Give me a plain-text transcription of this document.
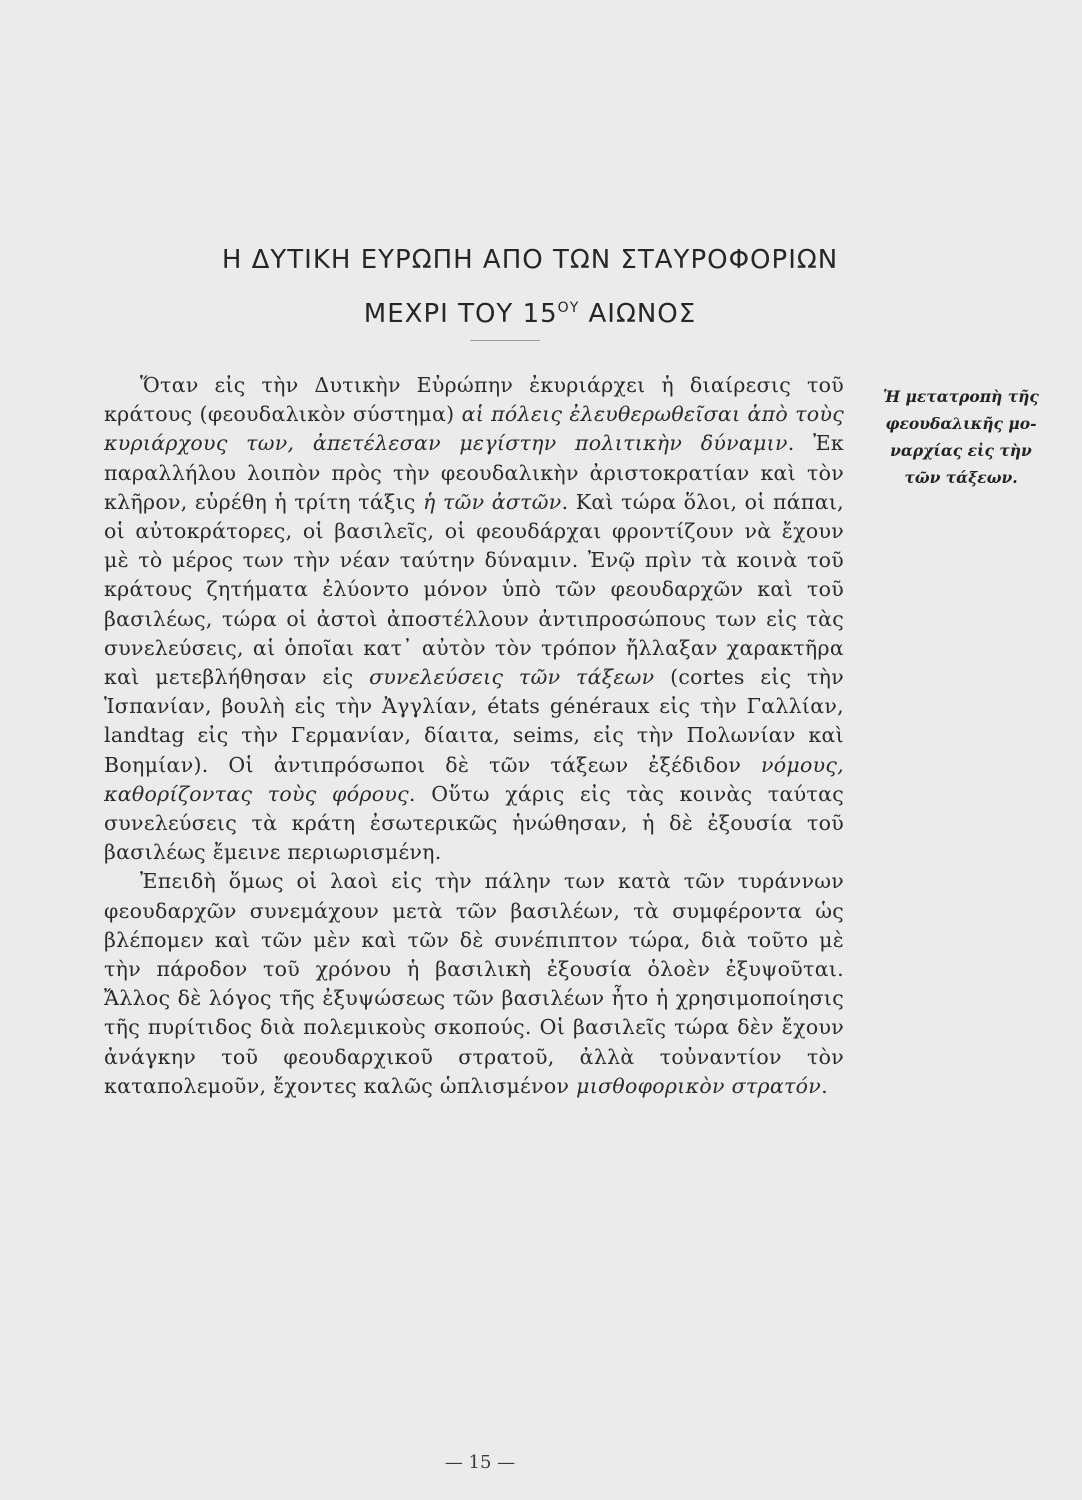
Η ΔΥΤΙΚΗ ΕΥΡΩΠΗ ΑΠΟ ΤΩΝ ΣΤΑΥΡΟΦΟΡΙΩΝ
ΜΕΧΡΙ ΤΟΥ $15^{O\Upsilon}$ ΑΙΩΝΟΣ

Ὅταν εἰς τὴν Δυτικὴν Εὐρώπην ἐκυριάρχει ἡ διαίρεσις τοῦ κράτους (φεουδαλικὸν σύστημα) αἱ πόλεις ἐλευθερωθεῖσαι ἀπὸ τοὺς κυριάρχους των, ἀπετέλεσαν μεγίστην πολιτικὴν δύναμιν. Ἐκ παραλλήλου λοιπὸν πρὸς τὴν φεουδαλικὴν ἀριστοκρατίαν καὶ τὸν κλῆρον, εὑρέθη ἡ τρίτη τάξις ἡ τῶν ἀστῶν. Καὶ τώρα ὅλοι, οἱ πάπαι, οἱ αὐτοκράτορες, οἱ βασιλεῖς, οἱ φεουδάρχαι φροντίζουν νὰ ἔχουν μὲ τὸ μέρος των τὴν νέαν ταύτην δύναμιν. Ἐνῷ πρὶν τὰ κοινὰ τοῦ κράτους ζητήματα ἐλύοντο μόνον ὑπὸ τῶν φεουδαρχῶν καὶ τοῦ βασιλέως, τώρα οἱ ἀστοὶ ἀποστέλλουν ἀντιπροσώπους των εἰς τὰς συνελεύσεις, αἱ ὁποῖαι κατ᾿ αὐτὸν τὸν τρόπον ἤλλαξαν χαρακτῆρα καὶ μετεβλήθησαν εἰς συνελεύσεις τῶν τάξεων (cortes εἰς τὴν Ἱσπανίαν, βουλὴ εἰς τὴν Ἀγγλίαν, états généraux εἰς τὴν Γαλλίαν, landtag εἰς τὴν Γερμανίαν, δίαιτα, seims, εἰς τὴν Πολωνίαν καὶ Βοημίαν). Οἱ ἀντιπρόσωποι δὲ τῶν τάξεων ἐξέδιδον νόμους, καθορίζοντας τοὺς φόρους. Οὕτω χάρις εἰς τὰς κοινὰς ταύτας συνελεύσεις τὰ κράτη ἐσωτερικῶς ἡνώθησαν, ἡ δὲ ἐξουσία τοῦ βασιλέως ἔμεινε περιωρισμένη.

Ἐπειδὴ ὅμως οἱ λαοὶ εἰς τὴν πάλην των κατὰ τῶν τυράννων φεουδαρχῶν συνεμάχουν μετὰ τῶν βασιλέων, τὰ συμφέροντα ὡς βλέπομεν καὶ τῶν μὲν καὶ τῶν δὲ συνέπιπτον τώρα, διὰ τοῦτο μὲ τὴν πάροδον τοῦ χρόνου ἡ βασιλικὴ ἐξουσία ὁλοὲν ἐξυψοῦται. Ἄλλος δὲ λόγος τῆς ἐξυψώσεως τῶν βασιλέων ἦτο ἡ χρησιμοποίησις τῆς πυρίτιδος διὰ πολεμικοὺς σκοπούς. Οἱ βασιλεῖς τώρα δὲν ἔχουν ἀνάγκην τοῦ φεουδαρχικοῦ στρατοῦ, ἀλλὰ τοὐναντίον τὸν καταπολεμοῦν, ἔχοντες καλῶς ὡπλισμένον μισθοφορικὸν στρατόν.

Ἡ μετατροπὴ τῆς
φεουδαλικῆς μο-
ναρχίας εἰς τὴν
τῶν τάξεων.
— 15 —
